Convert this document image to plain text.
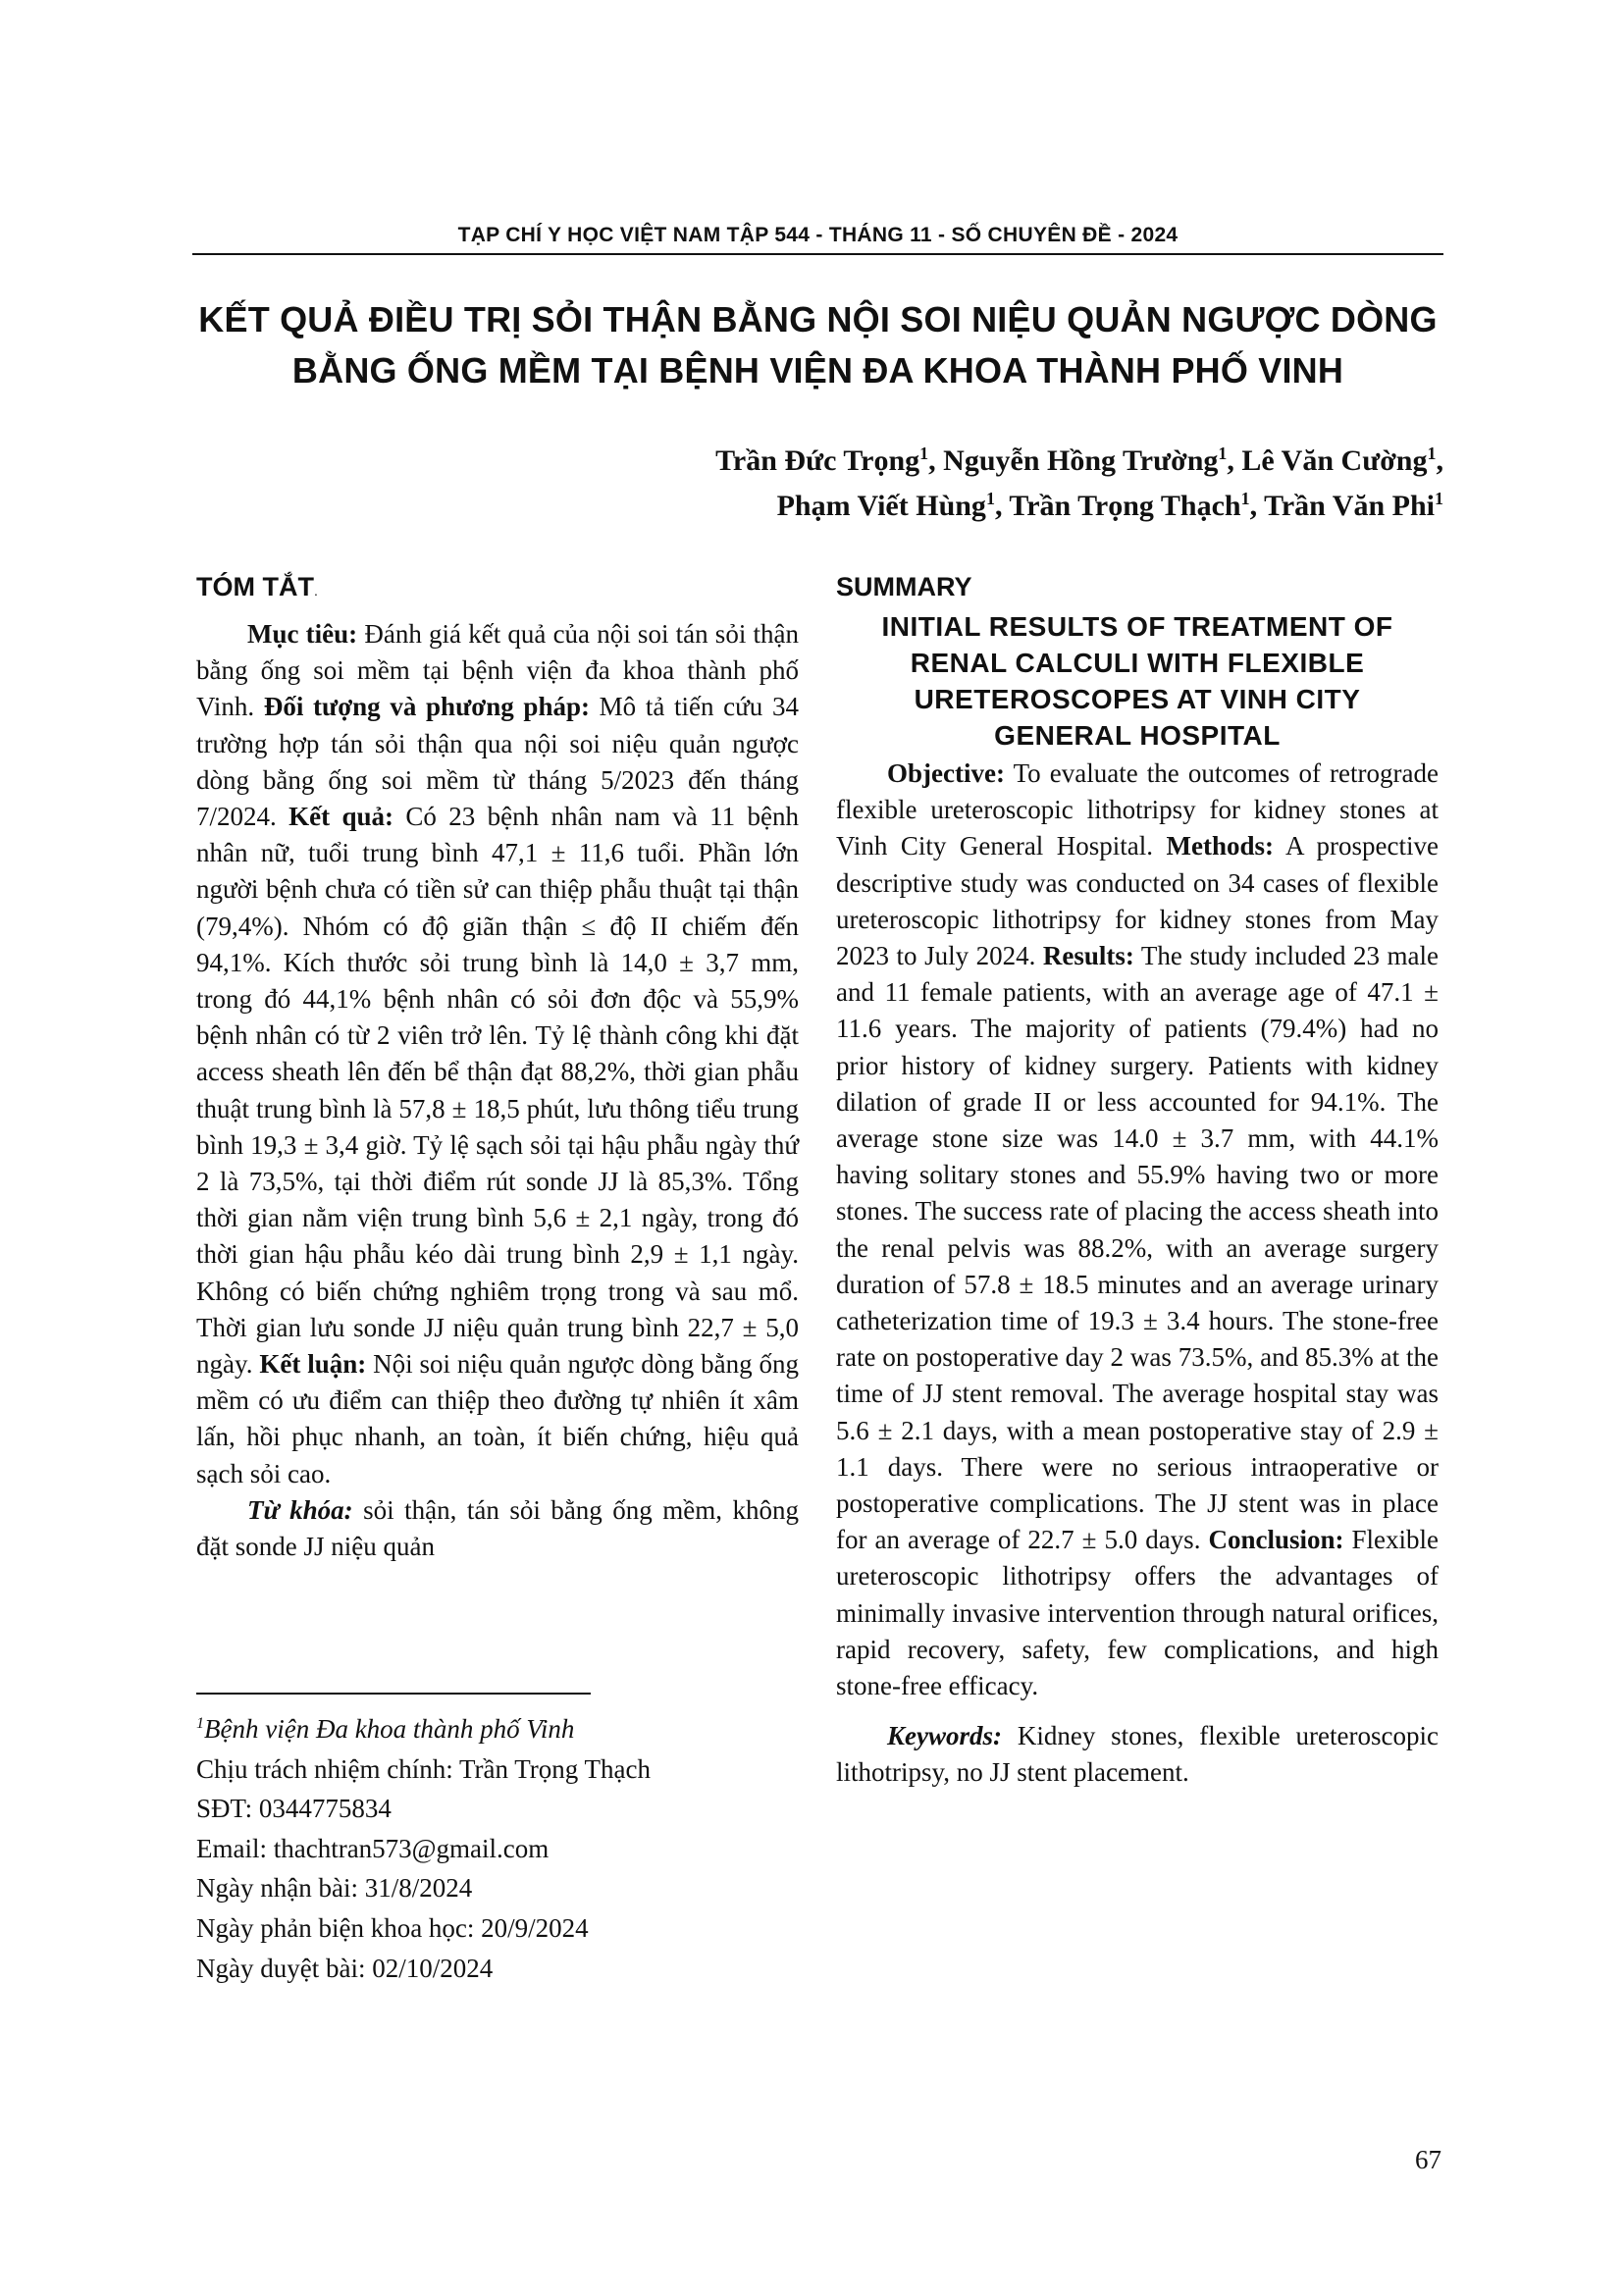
TẠP CHÍ Y HỌC VIỆT NAM TẬP 544 - THÁNG 11 - SỐ CHUYÊN ĐỀ - 2024
KẾT QUẢ ĐIỀU TRỊ SỎI THẬN BẰNG NỘI SOI NIỆU QUẢN NGƯỢC DÒNG
BẰNG ỐNG MỀM TẠI BỆNH VIỆN ĐA KHOA THÀNH PHỐ VINH
Trần Đức Trọng$^1$, Nguyễn Hồng Trường$^1$, Lê Văn Cường$^1$,
Phạm Viết Hùng$^1$, Trần Trọng Thạch$^1$, Trần Văn Phi$^1$
TÓM TẮT.

Mục tiêu: Đánh giá kết quả của nội soi tán sỏi thận bằng ống soi mềm tại bệnh viện đa khoa thành phố Vinh. Đối tượng và phương pháp: Mô tả tiến cứu 34 trường hợp tán sỏi thận qua nội soi niệu quản ngược dòng bằng ống soi mềm từ tháng 5/2023 đến tháng 7/2024. Kết quả: Có 23 bệnh nhân nam và 11 bệnh nhân nữ, tuổi trung bình 47,1 ± 11,6 tuổi. Phần lớn người bệnh chưa có tiền sử can thiệp phẫu thuật tại thận (79,4%). Nhóm có độ giãn thận ≤ độ II chiếm đến 94,1%. Kích thước sỏi trung bình là 14,0 ± 3,7 mm, trong đó 44,1% bệnh nhân có sỏi đơn độc và 55,9% bệnh nhân có từ 2 viên trở lên. Tỷ lệ thành công khi đặt access sheath lên đến bể thận đạt 88,2%, thời gian phẫu thuật trung bình là 57,8 ± 18,5 phút, lưu thông tiểu trung bình 19,3 ± 3,4 giờ. Tỷ lệ sạch sỏi tại hậu phẫu ngày thứ 2 là 73,5%, tại thời điểm rút sonde JJ là 85,3%. Tổng thời gian nằm viện trung bình 5,6 ± 2,1 ngày, trong đó thời gian hậu phẫu kéo dài trung bình 2,9 ± 1,1 ngày. Không có biến chứng nghiêm trọng trong và sau mổ. Thời gian lưu sonde JJ niệu quản trung bình 22,7 ± 5,0 ngày. Kết luận: Nội soi niệu quản ngược dòng bằng ống mềm có ưu điểm can thiệp theo đường tự nhiên ít xâm lấn, hồi phục nhanh, an toàn, ít biến chứng, hiệu quả sạch sỏi cao.

Từ khóa: sỏi thận, tán sỏi bằng ống mềm, không đặt sonde JJ niệu quản

SUMMARY
INITIAL RESULTS OF TREATMENT OF
RENAL CALCULI WITH FLEXIBLE
URETEROSCOPES AT VINH CITY
GENERAL HOSPITAL

Objective: To evaluate the outcomes of retrograde flexible ureteroscopic lithotripsy for kidney stones at Vinh City General Hospital. Methods: A prospective descriptive study was conducted on 34 cases of flexible ureteroscopic lithotripsy for kidney stones from May 2023 to July 2024. Results: The study included 23 male and 11 female patients, with an average age of 47.1 ± 11.6 years. The majority of patients (79.4%) had no prior history of kidney surgery. Patients with kidney dilation of grade II or less accounted for 94.1%. The average stone size was 14.0 ± 3.7 mm, with 44.1% having solitary stones and 55.9% having two or more stones. The success rate of placing the access sheath into the renal pelvis was 88.2%, with an average surgery duration of 57.8 ± 18.5 minutes and an average urinary catheterization time of 19.3 ± 3.4 hours. The stone-free rate on postoperative day 2 was 73.5%, and 85.3% at the time of JJ stent removal. The average hospital stay was 5.6 ± 2.1 days, with a mean postoperative stay of 2.9 ± 1.1 days. There were no serious intraoperative or postoperative complications. The JJ stent was in place for an average of 22.7 ± 5.0 days. Conclusion: Flexible ureteroscopic lithotripsy offers the advantages of minimally invasive intervention through natural orifices, rapid recovery, safety, few complications, and high stone-free efficacy.

Keywords: Kidney stones, flexible ureteroscopic lithotripsy, no JJ stent placement.

$^1$Bệnh viện Đa khoa thành phố Vinh
Chịu trách nhiệm chính: Trần Trọng Thạch
SĐT: 0344775834
Email: thachtran573@gmail.com
Ngày nhận bài: 31/8/2024
Ngày phản biện khoa học: 20/9/2024
Ngày duyệt bài: 02/10/2024
67
